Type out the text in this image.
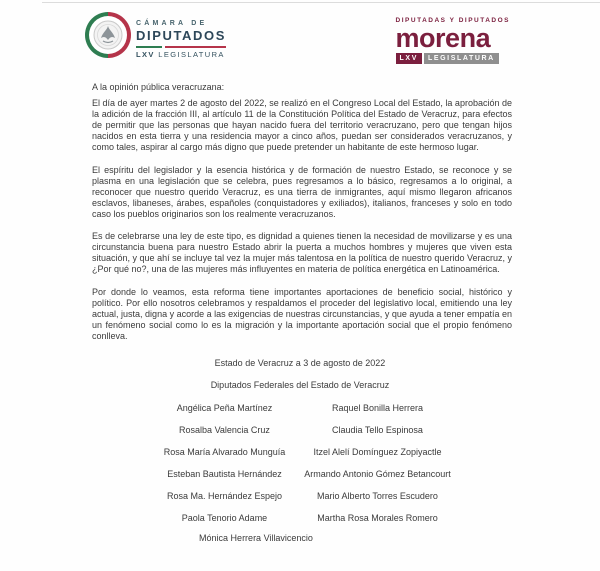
CÁMARA DE
DIPUTADOS
LXV LEGISLATURA
DIPUTADAS Y DIPUTADOS
morena
LXV	LEGISLATURA

A la opinión pública veracruzana:

El día de ayer martes 2 de agosto del 2022, se realizó en el Congreso Local del Estado, la aprobación de la adición de la fracción III, al artículo 11 de la Constitución Política del Estado de Veracruz, para efectos de permitir que las personas que hayan nacido fuera del territorio veracruzano, pero que tengan hijos nacidos en esta tierra y una residencia mayor a cinco años, puedan ser considerados veracruzanos, y como tales, aspirar al cargo más digno que puede pretender un habitante de este hermoso lugar.

El espíritu del legislador y la esencia histórica y de formación de nuestro Estado, se reconoce y se plasma en una legislación que se celebra, pues regresamos a lo básico, regresamos a lo original, a reconocer que nuestro querido Veracruz, es una tierra de inmigrantes, aquí mismo llegaron africanos esclavos, libaneses, árabes, españoles (conquistadores y exiliados), italianos, franceses y solo en todo caso los pueblos originarios son los realmente veracruzanos.

Es de celebrarse una ley de este tipo, es dignidad a quienes tienen la necesidad de movilizarse y es una circunstancia buena para nuestro Estado abrir la puerta a muchos hombres y mujeres que viven esta situación, y que ahí se incluye tal vez la mujer más talentosa en la política de nuestro querido Veracruz, y ¿Por qué no?, una de las mujeres más influyentes en materia de política energética en Latinoamérica.

Por donde lo veamos, esta reforma tiene importantes aportaciones de beneficio social, histórico y político. Por ello nosotros celebramos y respaldamos el proceder del legislativo local, emitiendo una ley actual, justa, digna y acorde a las exigencias de nuestras circunstancias, y que ayuda a tener empatía en un fenómeno social como lo es la migración y la importante aportación social que el propio fenómeno conlleva.

Estado de Veracruz a 3 de agosto de 2022
Diputados Federales del Estado de Veracruz
Angélica Peña Martínez	Raquel Bonilla Herrera
Rosalba Valencia Cruz	Claudia Tello Espinosa
Rosa María Alvarado Munguía	Itzel Alelí Domínguez Zopiyactle
Esteban Bautista Hernández	Armando Antonio Gómez Betancourt
Rosa Ma. Hernández Espejo	Mario Alberto Torres Escudero
Paola Tenorio Adame	Martha Rosa Morales Romero
Mónica Herrera Villavicencio
